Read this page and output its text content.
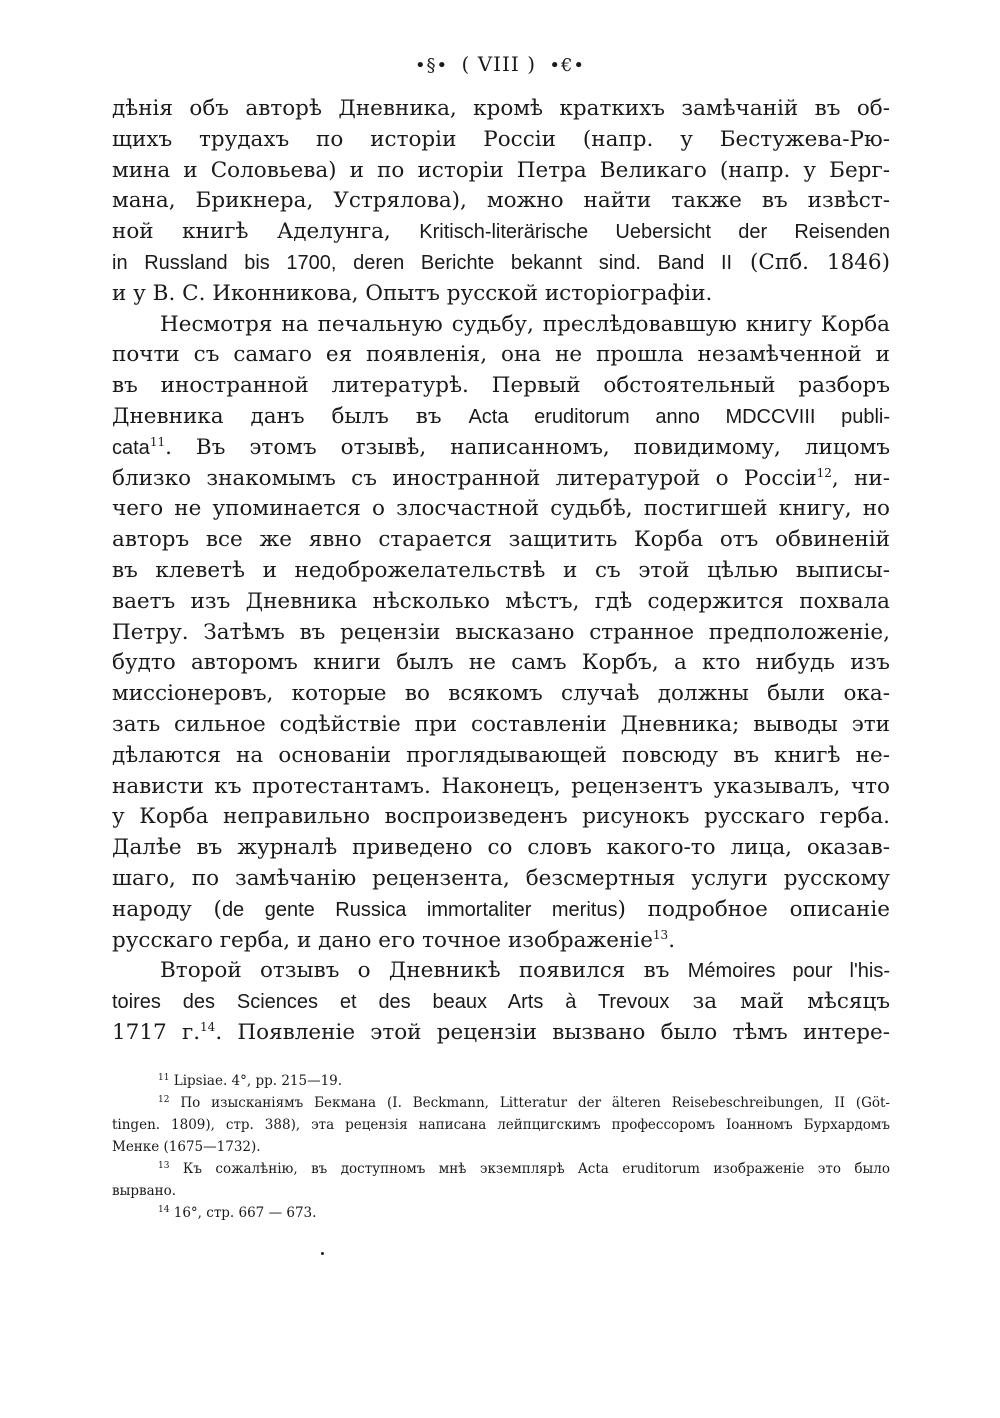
•§• ( VIII ) •€•
дѣнія объ авторѣ Дневника, кромѣ краткихъ замѣчаній въ об-
щихъ трудахъ по исторіи Россіи (напр. у Бестужева-Рю-
мина и Соловьева) и по исторіи Петра Великаго (напр. у Берг-
мана, Брикнера, Устрялова), можно найти также въ извѣст-
ной книгѣ Аделунга, Kritisch-literärische Uebersicht der Reisenden
in Russland bis 1700, deren Berichte bekannt sind. Band II (Спб. 1846)
и у В. С. Иконникова, Опытъ русской исторіографіи.
Несмотря на печальную судьбу, преслѣдовавшую книгу Корба
почти съ самаго ея появленія, она не прошла незамѣченной и
въ иностранной литературѣ. Первый обстоятельный разборъ
Дневника данъ былъ въ Acta eruditorum anno MDCCVIII publi-
cata$^{11}$. Въ этомъ отзывѣ, написанномъ, повидимому, лицомъ
близко знакомымъ съ иностранной литературой о Россіи$^{12}$, ни-
чего не упоминается о злосчастной судьбѣ, постигшей книгу, но
авторъ все же явно старается защитить Корба отъ обвиненій
въ клеветѣ и недоброжелательствѣ и съ этой цѣлью выписы-
ваетъ изъ Дневника нѣсколько мѣстъ, гдѣ содержится похвала
Петру. Затѣмъ въ рецензіи высказано странное предположеніе,
будто авторомъ книги былъ не самъ Корбъ, а кто нибудь изъ
миссіонеровъ, которые во всякомъ случаѣ должны были ока-
зать сильное содѣйствіе при составленіи Дневника; выводы эти
дѣлаются на основаніи проглядывающей повсюду въ книгѣ не-
нависти къ протестантамъ. Наконецъ, рецензентъ указывалъ, что
у Корба неправильно воспроизведенъ рисунокъ русскаго герба.
Далѣе въ журналѣ приведено со словъ какого-то лица, оказав-
шаго, по замѣчанію рецензента, безсмертныя услуги русскому
народу (de gente Russica immortaliter meritus) подробное описаніе
русскаго герба, и дано его точное изображеніе$^{13}$.
Второй отзывъ о Дневникѣ появился въ Mémoires pour l'his-
toires des Sciences et des beaux Arts à Trevoux за май мѣсяцъ
1717 г.$^{14}$. Появленіе этой рецензіи вызвано было тѣмъ интере-
$^{11}$ Lipsiae. 4°, pp. 215—19.
$^{12}$ По изысканіямъ Бекмана (I. Beckmann, Litteratur der älteren Reisebeschreibungen, II (Göt-
tingen. 1809), стр. 388), эта рецензія написана лейпцигскимъ профессоромъ Іоанномъ Бурхардомъ
Менке (1675—1732).
$^{13}$ Къ сожалѣнію, въ доступномъ мнѣ экземплярѣ Acta eruditorum изображеніе это было
вырвано.
$^{14}$ 16°, стр. 667 — 673.
